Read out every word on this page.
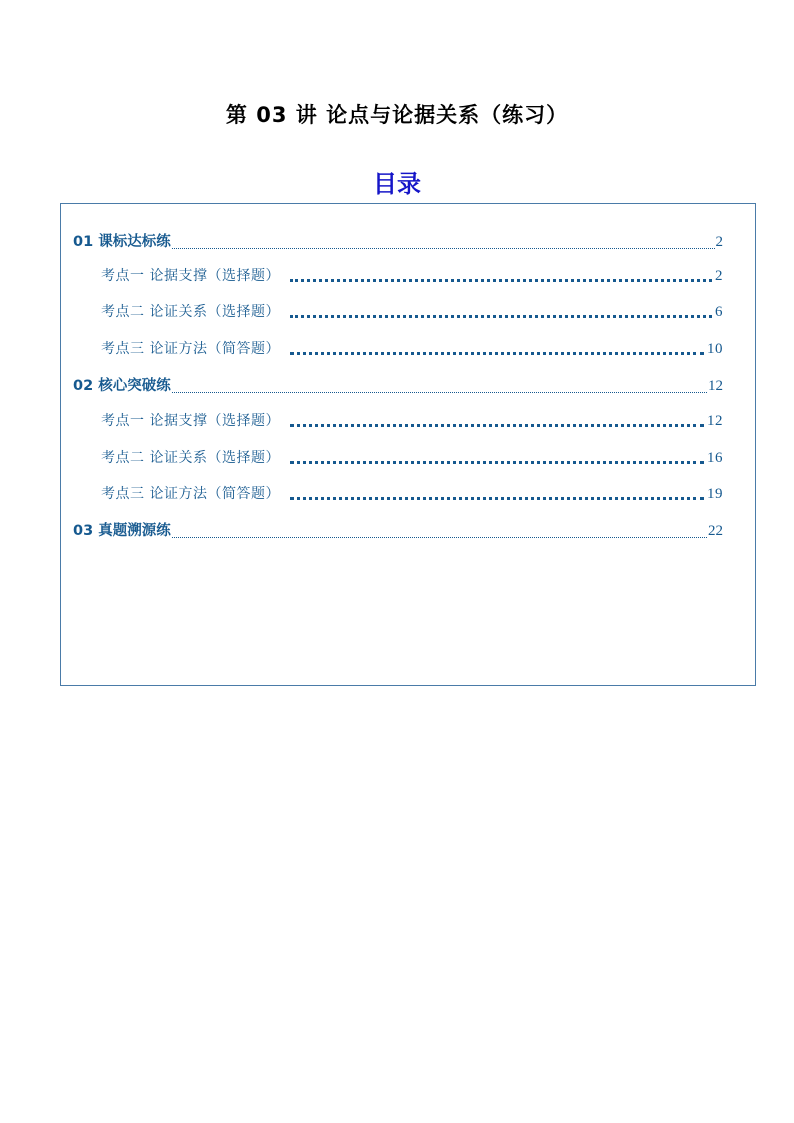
第 03 讲 论点与论据关系（练习）
目录
01 课标达标练	2
考点一 论据支撑（选择题）	2
考点二 论证关系（选择题）	6
考点三 论证方法（简答题）	10
02 核心突破练	12
考点一 论据支撑（选择题）	12
考点二 论证关系（选择题）	16
考点三 论证方法（简答题）	19
03 真题溯源练	22
